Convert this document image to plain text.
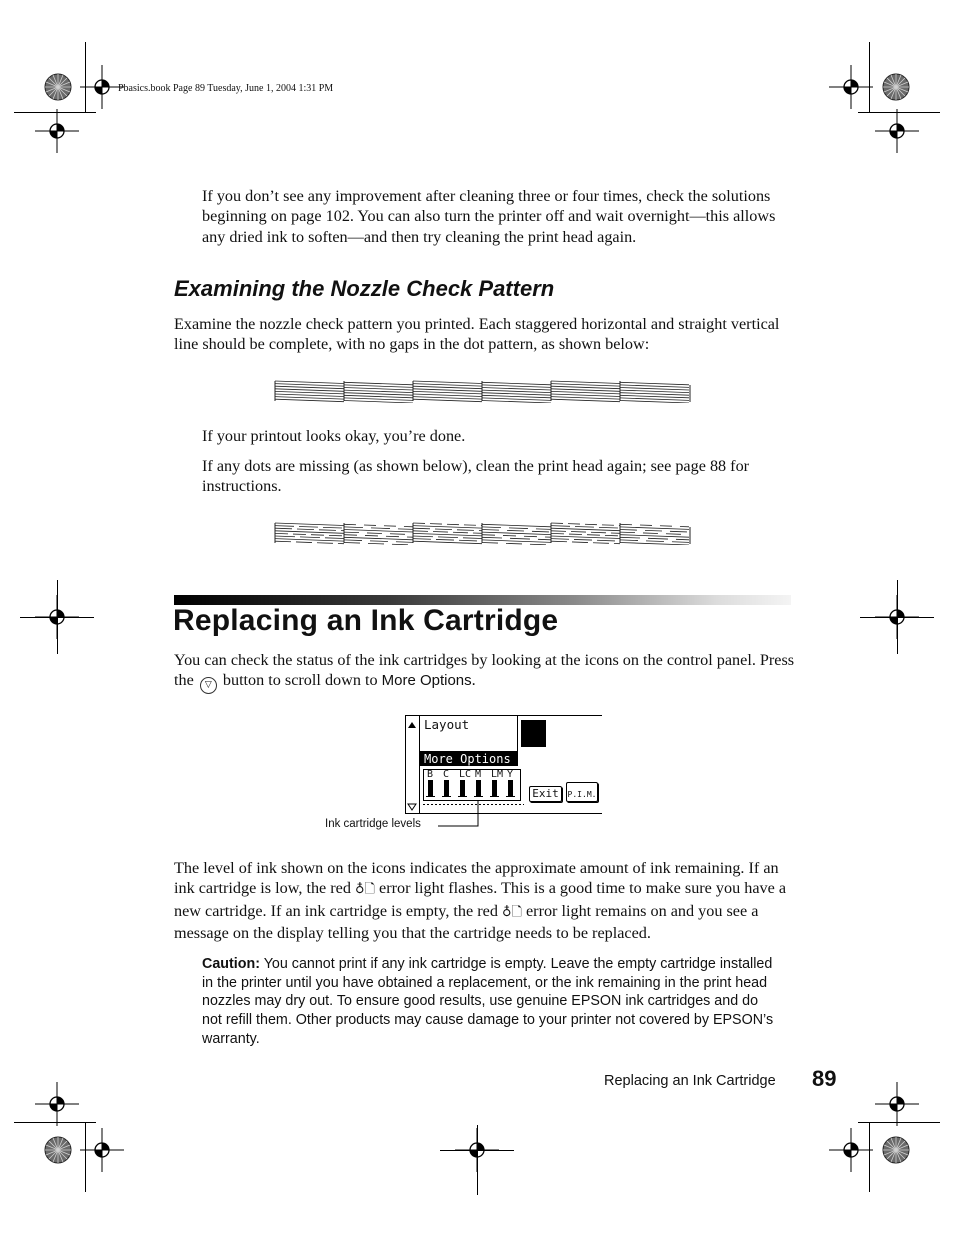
Pbasics.book Page 89 Tuesday, June 1, 2004 1:31 PM

If you don’t see any improvement after cleaning three or four times, check the solutions beginning on page 102. You can also turn the printer off and wait overnight—this allows any dried ink to soften—and then try cleaning the print head again.

Examining the Nozzle Check Pattern

Examine the nozzle check pattern you printed. Each staggered horizontal and straight vertical line should be complete, with no gaps in the dot pattern, as shown below:

If your printout looks okay, you’re done.

If any dots are missing (as shown below), clean the print head again; see page 88 for instructions.

Replacing an Ink Cartridge

You can check the status of the ink cartridges by looking at the icons on the control panel. Press the ▽ button to scroll down to More Options.

Layout
More Options
B C LC M LM Y
Exit	P.I.M.
Ink cartridge levels

The level of ink shown on the icons indicates the approximate amount of ink remaining. If an ink cartridge is low, the red ♁🗋 error light flashes. This is a good time to make sure you have a new cartridge. If an ink cartridge is empty, the red ♁🗋 error light remains on and you see a message on the display telling you that the cartridge needs to be replaced.

Caution: You cannot print if any ink cartridge is empty. Leave the empty cartridge installed in the printer until you have obtained a replacement, or the ink remaining in the print head nozzles may dry out. To ensure good results, use genuine EPSON ink cartridges and do not refill them. Other products may cause damage to your printer not covered by EPSON’s warranty.

Replacing an Ink Cartridge 89
